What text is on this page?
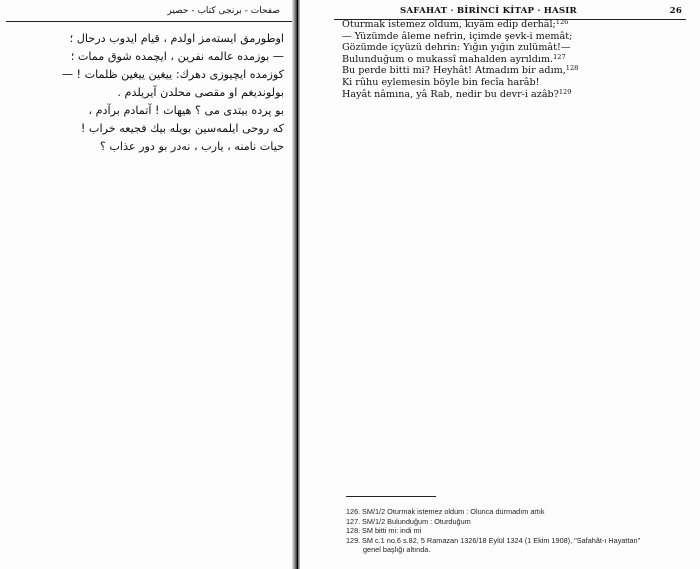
صفحات - برنجى كتاب - حصير
اوطورمق ايسته‌مز اولدم ، قيام ايدوب درحال ؛
— بوزمده عالمه نفرين ، ايچمده شوق ممات ؛
كوزمده ايچيوزى دهرك: ييغين ييغين ظلمات ! —
بولونديغم او مقصى محلدن آيريلدم .
بو پرده بيتدى مى ؟ هيهات ! آتمادم برآدم ،
كه روحى ايلمه‌سين بويله بيك فجيعه خراب !
حيات نامنه ، يارب ، نه‌در بو دور عذاب ؟
SAFAHAT · BİRİNCİ KİTAP · HASIR	26
Oturmak istemez oldum, kıyâm edip derhâl;$^{126}$
— Yüzümde âleme nefrin, içimde şevk-i memât;
Gözümde içyüzü dehrin: Yığın yığın zulümât!—
Bulunduğum o mukassî mahalden ayrıldım.$^{127}$
Bu perde bitti mi? Heyhât! Atmadım bir adım,$^{128}$
Ki rûhu eylemesin böyle bin fecîa harâb!
Hayât nâmına, yâ Rab, nedir bu devr-i azâb?$^{129}$
126. SM/1/2 Oturmak istemez oldum : Olunca durmadım artık
127. SM/1/2 Bulunduğum : Oturduğum
128. SM bitti mi: indi mi
129. SM c.1 no.6 s.82, 5 Ramazan 1326/18 Eylül 1324 (1 Ekim 1908), "Safahât-ı Hayattan"
genel başlığı altında.
